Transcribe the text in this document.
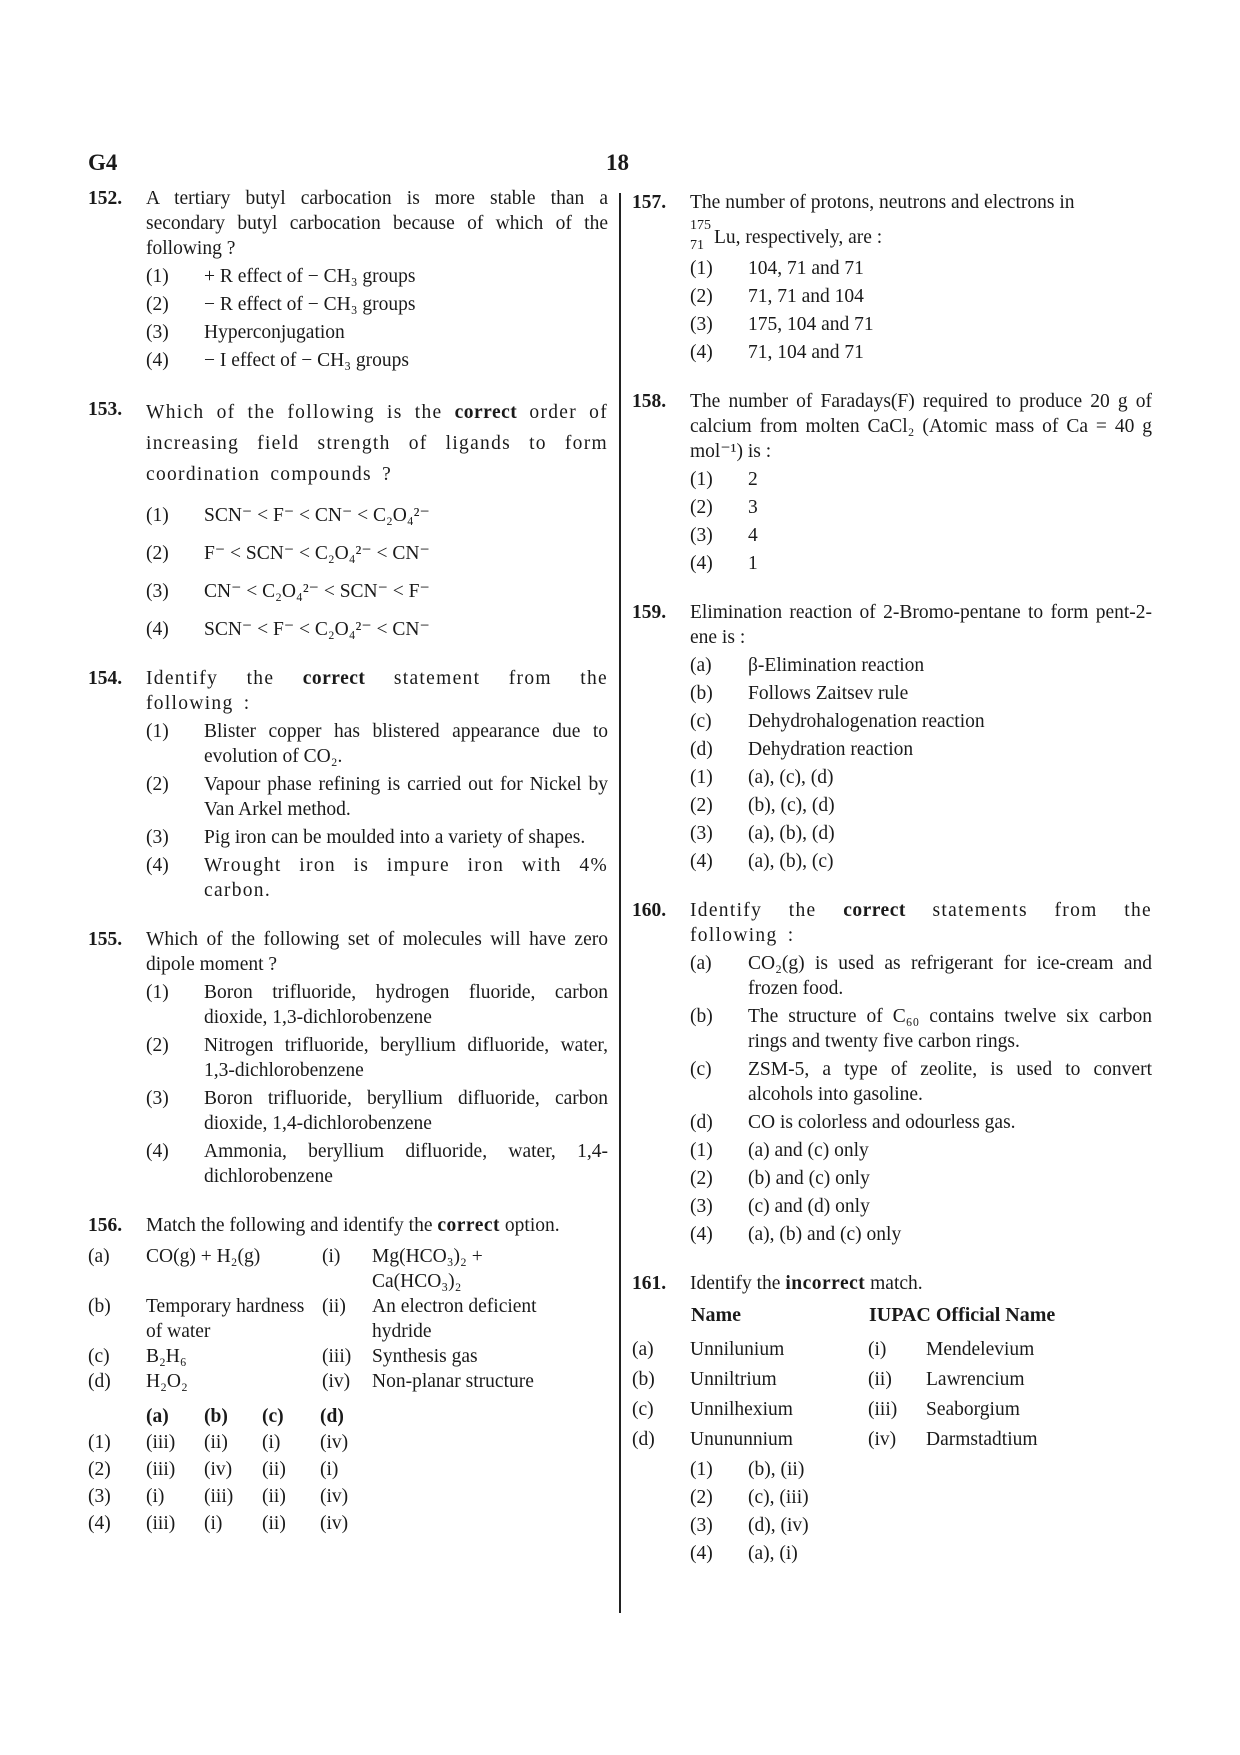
G4	18
152. A tertiary butyl carbocation is more stable than a secondary butyl carbocation because of which of the following ?
(1) + R effect of − CH₃ groups
(2) − R effect of − CH₃ groups
(3) Hyperconjugation
(4) − I effect of − CH₃ groups
153. Which of the following is the correct order of increasing field strength of ligands to form coordination compounds ?
(1) SCN⁻ < F⁻ < CN⁻ < C₂O₄²⁻
(2) F⁻ < SCN⁻ < C₂O₄²⁻ < CN⁻
(3) CN⁻ < C₂O₄²⁻ < SCN⁻ < F⁻
(4) SCN⁻ < F⁻ < C₂O₄²⁻ < CN⁻
154. Identify the correct statement from the following :
(1) Blister copper has blistered appearance due to evolution of CO₂.
(2) Vapour phase refining is carried out for Nickel by Van Arkel method.
(3) Pig iron can be moulded into a variety of shapes.
(4) Wrought iron is impure iron with 4% carbon.
155. Which of the following set of molecules will have zero dipole moment ?
(1) Boron trifluoride, hydrogen fluoride, carbon dioxide, 1,3-dichlorobenzene
(2) Nitrogen trifluoride, beryllium difluoride, water, 1,3-dichlorobenzene
(3) Boron trifluoride, beryllium difluoride, carbon dioxide, 1,4-dichlorobenzene
(4) Ammonia, beryllium difluoride, water, 1,4-dichlorobenzene
156. Match the following and identify the correct option.
(a)	CO(g) + H₂(g)	(i)	Mg(HCO₃)₂ + Ca(HCO₃)₂
(b)	Temporary hardness of water	(ii)	An electron deficient hydride
(c)	B₂H₆	(iii)	Synthesis gas
(d)	H₂O₂	(iv)	Non-planar structure
	(a)	(b)	(c)	(d)
(1)	(iii)	(ii)	(i)	(iv)
(2)	(iii)	(iv)	(ii)	(i)
(3)	(i)	(iii)	(ii)	(iv)
(4)	(iii)	(i)	(ii)	(iv)
157. The number of protons, neutrons and electrons in

175
71 Lu, respectively, are :
(1) 104, 71 and 71
(2) 71, 71 and 104
(3) 175, 104 and 71
(4) 71, 104 and 71
158. The number of Faradays(F) required to produce 20 g of calcium from molten CaCl₂ (Atomic mass of Ca = 40 g mol⁻¹) is :
(1) 2
(2) 3
(3) 4
(4) 1
159. Elimination reaction of 2-Bromo-pentane to form pent-2-ene is :
(a) β-Elimination reaction
(b) Follows Zaitsev rule
(c) Dehydrohalogenation reaction
(d) Dehydration reaction
(1) (a), (c), (d)
(2) (b), (c), (d)
(3) (a), (b), (d)
(4) (a), (b), (c)
160. Identify the correct statements from the following :
(a) CO₂(g) is used as refrigerant for ice-cream and frozen food.
(b) The structure of C₆₀ contains twelve six carbon rings and twenty five carbon rings.
(c) ZSM-5, a type of zeolite, is used to convert alcohols into gasoline.
(d) CO is colorless and odourless gas.
(1) (a) and (c) only
(2) (b) and (c) only
(3) (c) and (d) only
(4) (a), (b) and (c) only
161. Identify the incorrect match.
	Name	IUPAC Official Name	
(a)	Unnilunium	(i)	Mendelevium
(b)	Unniltrium	(ii)	Lawrencium
(c)	Unnilhexium	(iii)	Seaborgium
(d)	Unununnium	(iv)	Darmstadtium
(1) (b), (ii)
(2) (c), (iii)
(3) (d), (iv)
(4) (a), (i)
